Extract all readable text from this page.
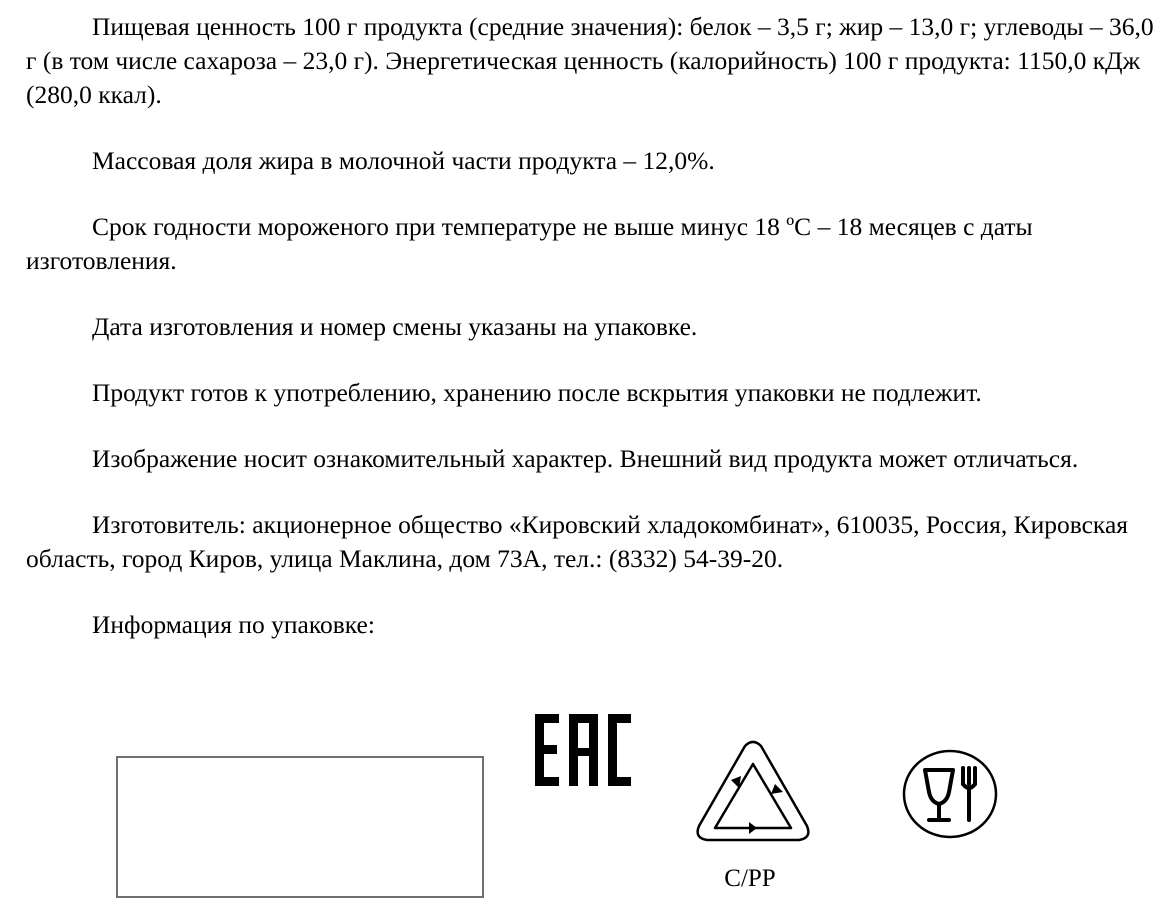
Пищевая ценность 100 г продукта (средние значения): белок – 3,5 г; жир – 13,0 г; углеводы – 36,0 г (в том числе сахароза – 23,0 г). Энергетическая ценность (калорийность) 100 г продукта: 1150,0 кДж (280,0 ккал).

Массовая доля жира в молочной части продукта – 12,0%.

Срок годности мороженого при температуре не выше минус 18 ºС – 18 месяцев с даты изготовления.

Дата изготовления и номер смены указаны на упаковке.

Продукт готов к употреблению, хранению после вскрытия упаковки не подлежит.

Изображение носит ознакомительный характер. Внешний вид продукта может отличаться.

Изготовитель: акционерное общество «Кировский хладокомбинат», 610035, Россия, Кировская область, город Киров, улица Маклина, дом 73А, тел.: (8332) 54-39-20.

Информация по упаковке:

C/PP
